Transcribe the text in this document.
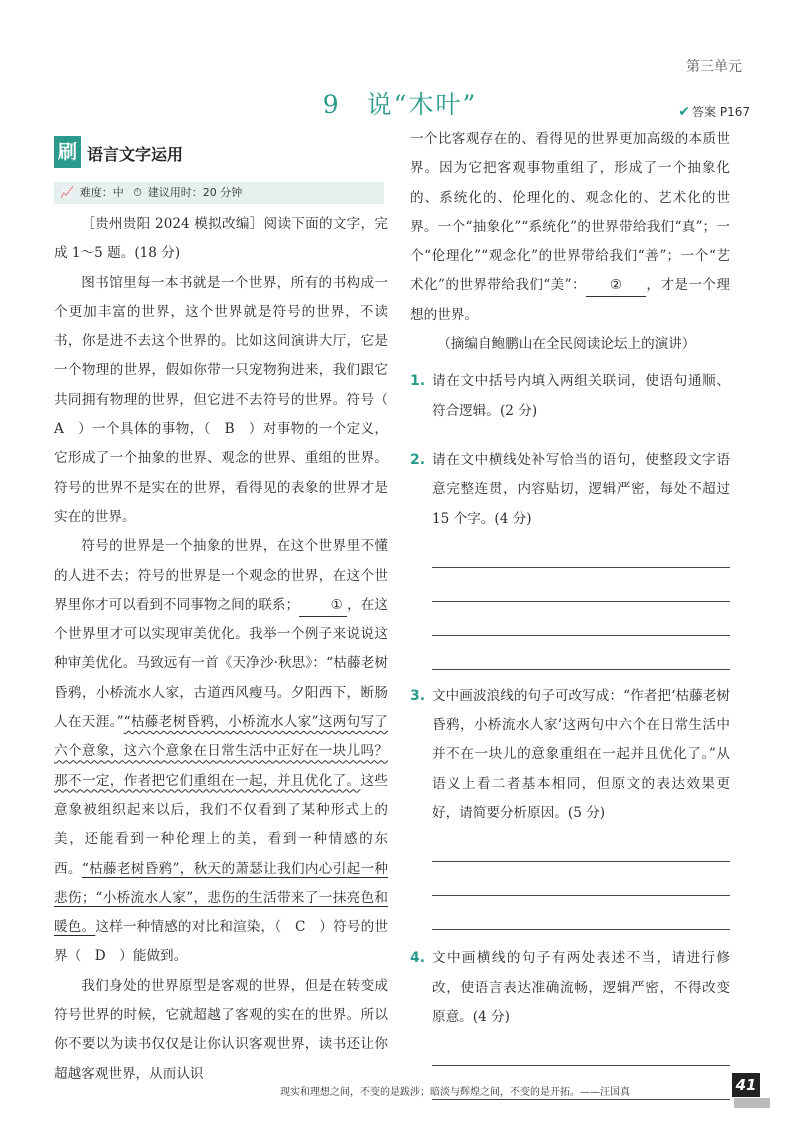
第三单元
9 说“木叶”	✔ 答案 P167
刷 语言文字运用
📈 难度：中 ⏱ 建议用时：20 分钟

［贵州贵阳 2024 模拟改编］阅读下面的文字，完成 1～5 题。(18 分)

图书馆里每一本书就是一个世界，所有的书构成一个更加丰富的世界，这个世界就是符号的世界，不读书，你是进不去这个世界的。比如这间演讲大厅，它是一个物理的世界，假如你带一只宠物狗进来，我们跟它共同拥有物理的世界，但它进不去符号的世界。符号（　A　）一个具体的事物，（　B　）对事物的一个定义，它形成了一个抽象的世界、观念的世界、重组的世界。符号的世界不是实在的世界，看得见的表象的世界才是实在的世界。

符号的世界是一个抽象的世界，在这个世界里不懂的人进不去；符号的世界是一个观念的世界，在这个世界里你才可以看到不同事物之间的联系； ① ，在这个世界里才可以实现审美优化。我举一个例子来说说这种审美优化。马致远有一首《天净沙·秋思》：“枯藤老树昏鸦，小桥流水人家，古道西风瘦马。夕阳西下，断肠人在天涯。”“枯藤老树昏鸦，小桥流水人家”这两句写了六个意象，这六个意象在日常生活中正好在一块儿吗？那不一定，作者把它们重组在一起，并且优化了。这些意象被组织起来以后，我们不仅看到了某种形式上的美，还能看到一种伦理上的美，看到一种情感的东西。“枯藤老树昏鸦”，秋天的萧瑟让我们内心引起一种悲伤；“小桥流水人家”，悲伤的生活带来了一抹亮色和暖色。这样一种情感的对比和渲染，（　C　）符号的世界（　D　）能做到。

我们身处的世界原型是客观的世界，但是在转变成符号世界的时候，它就超越了客观的实在的世界。所以你不要以为读书仅仅是让你认识客观世界，读书还让你超越客观世界，从而认识

一个比客观存在的、看得见的世界更加高级的本质世界。因为它把客观事物重组了，形成了一个抽象化的、系统化的、伦理化的、观念化的、艺术化的世界。一个“抽象化”“系统化”的世界带给我们“真”；一个“伦理化”“观念化”的世界带给我们“善”；一个“艺术化”的世界带给我们“美”： ② ，才是一个理想的世界。

（摘编自鲍鹏山在全民阅读论坛上的演讲）

1. 请在文中括号内填入两组关联词，使语句通顺、符合逻辑。(2 分)

2. 请在文中横线处补写恰当的语句，使整段文字语意完整连贯，内容贴切，逻辑严密，每处不超过 15 个字。(4 分)

3. 文中画波浪线的句子可改写成：“作者把‘枯藤老树昏鸦，小桥流水人家’这两句中六个在日常生活中并不在一块儿的意象重组在一起并且优化了。”从语义上看二者基本相同，但原文的表达效果更好，请简要分析原因。(5 分)

4. 文中画横线的句子有两处表述不当，请进行修改，使语言表达准确流畅，逻辑严密，不得改变原意。(4 分)

现实和理想之间，不变的是跋涉；暗淡与辉煌之间，不变的是开拓。——汪国真	41
